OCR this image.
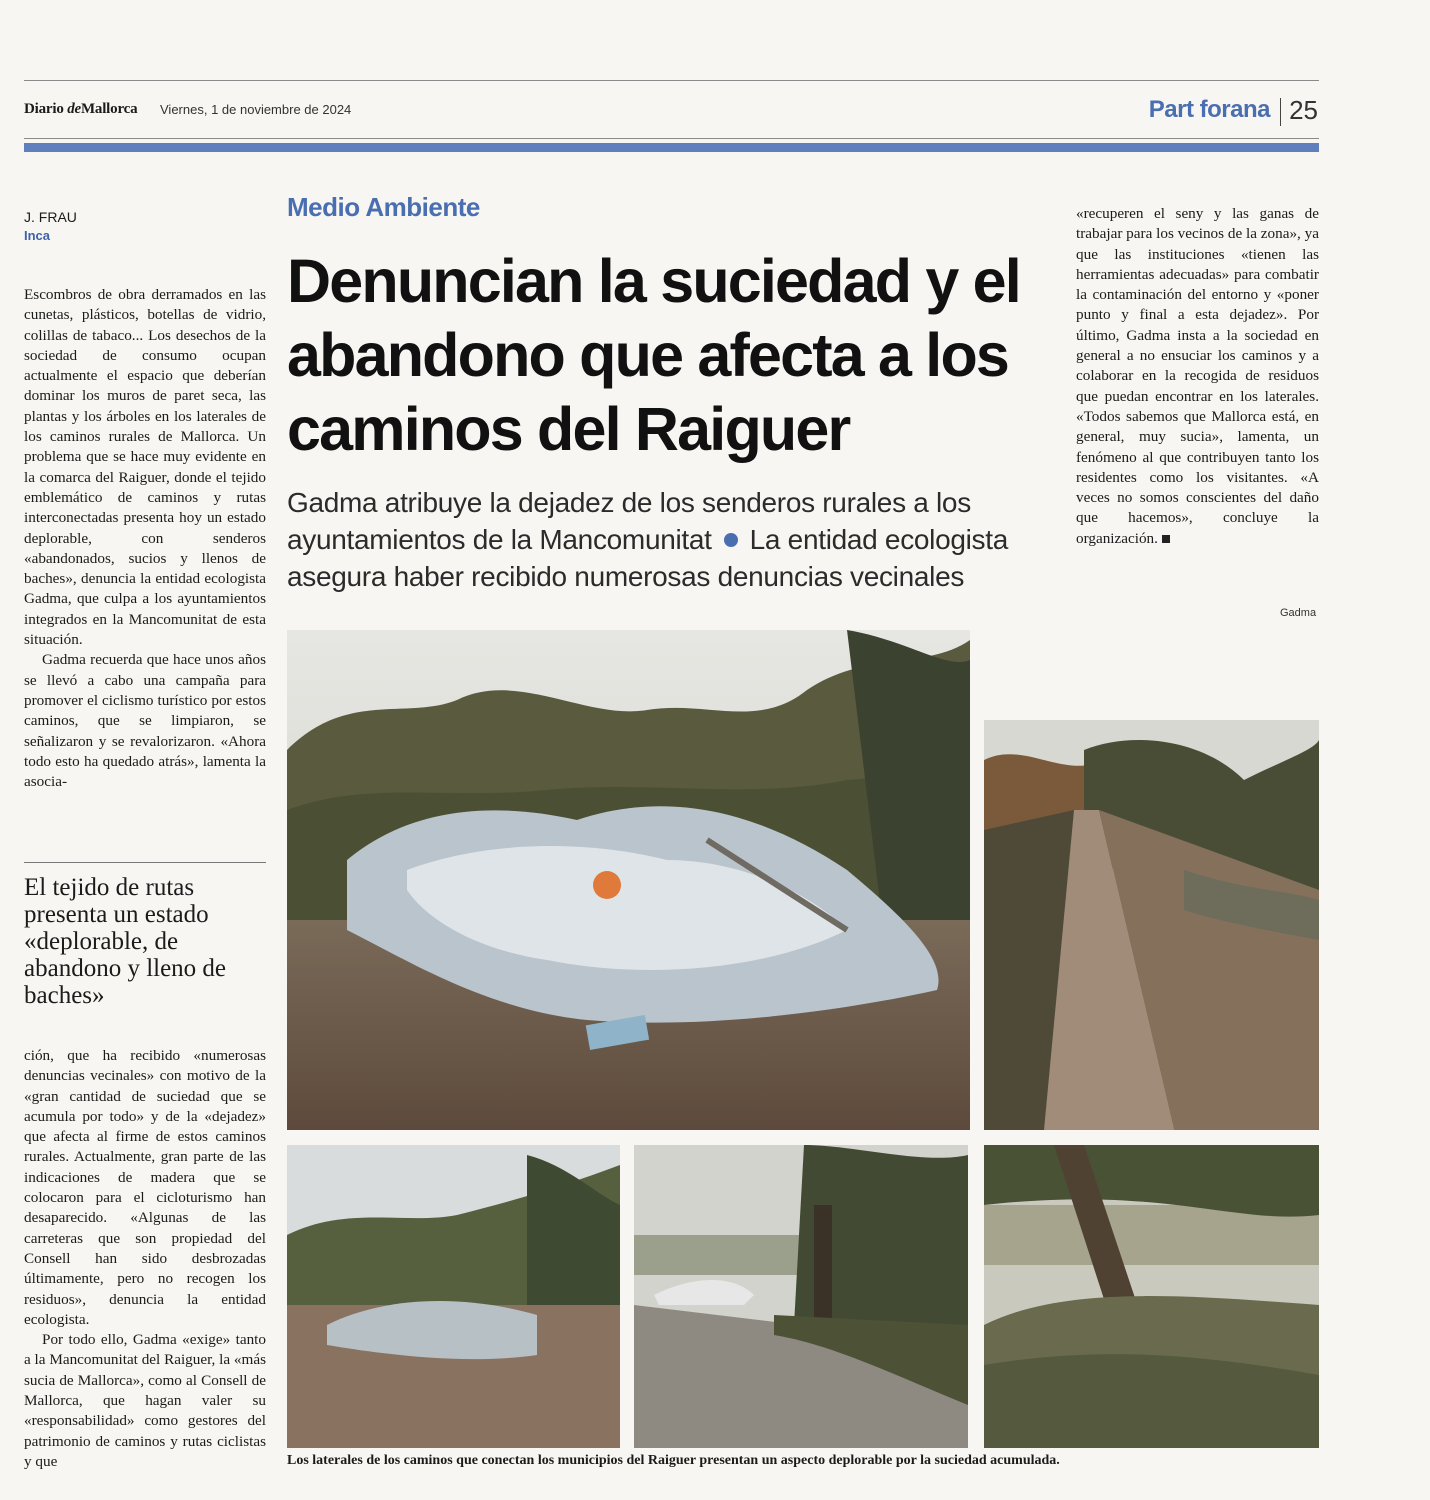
Diario deMallorca Viernes, 1 de noviembre de 2024	Part forana 25
J. FRAU
Inca

Escombros de obra derramados en las cunetas, plásticos, botellas de vidrio, colillas de tabaco... Los desechos de la sociedad de consumo ocupan actualmente el espacio que deberían dominar los muros de paret seca, las plantas y los árboles en los laterales de los caminos rurales de Mallorca. Un problema que se hace muy evidente en la comarca del Raiguer, donde el tejido emblemático de caminos y rutas interconectadas presenta hoy un estado deplorable, con senderos «abandonados, sucios y llenos de baches», denuncia la entidad ecologista Gadma, que culpa a los ayuntamientos integrados en la Mancomunitat de esta situación.

Gadma recuerda que hace unos años se llevó a cabo una campaña para promover el ciclismo turístico por estos caminos, que se limpiaron, se señalizaron y se revalorizaron. «Ahora todo esto ha quedado atrás», lamenta la asocia-

El tejido de rutas presenta un estado «deplorable, de abandono y lleno de baches»

ción, que ha recibido «numerosas denuncias vecinales» con motivo de la «gran cantidad de suciedad que se acumula por todo» y de la «dejadez» que afecta al firme de estos caminos rurales. Actualmente, gran parte de las indicaciones de madera que se colocaron para el cicloturismo han desaparecido. «Algunas de las carreteras que son propiedad del Consell han sido desbrozadas últimamente, pero no recogen los residuos», denuncia la entidad ecologista.

Por todo ello, Gadma «exige» tanto a la Mancomunitat del Raiguer, la «más sucia de Mallorca», como al Consell de Mallorca, que hagan valer su «responsabilidad» como gestores del patrimonio de caminos y rutas ciclistas y que

Medio Ambiente
Denuncian la suciedad y el abandono que afecta a los caminos del Raiguer
Gadma atribuye la dejadez de los senderos rurales a los ayuntamientos de la Mancomunitat La entidad ecologista asegura haber recibido numerosas denuncias vecinales

«recuperen el seny y las ganas de trabajar para los vecinos de la zona», ya que las instituciones «tienen las herramientas adecuadas» para combatir la contaminación del entorno y «poner punto y final a esta dejadez». Por último, Gadma insta a la sociedad en general a no ensuciar los caminos y a colaborar en la recogida de residuos que puedan encontrar en los laterales. «Todos sabemos que Mallorca está, en general, muy sucia», lamenta, un fenómeno al que contribuyen tanto los residentes como los visitantes. «A veces no somos conscientes del daño que hacemos», concluye la organización.

Gadma
Los laterales de los caminos que conectan los municipios del Raiguer presentan un aspecto deplorable por la suciedad acumulada.
